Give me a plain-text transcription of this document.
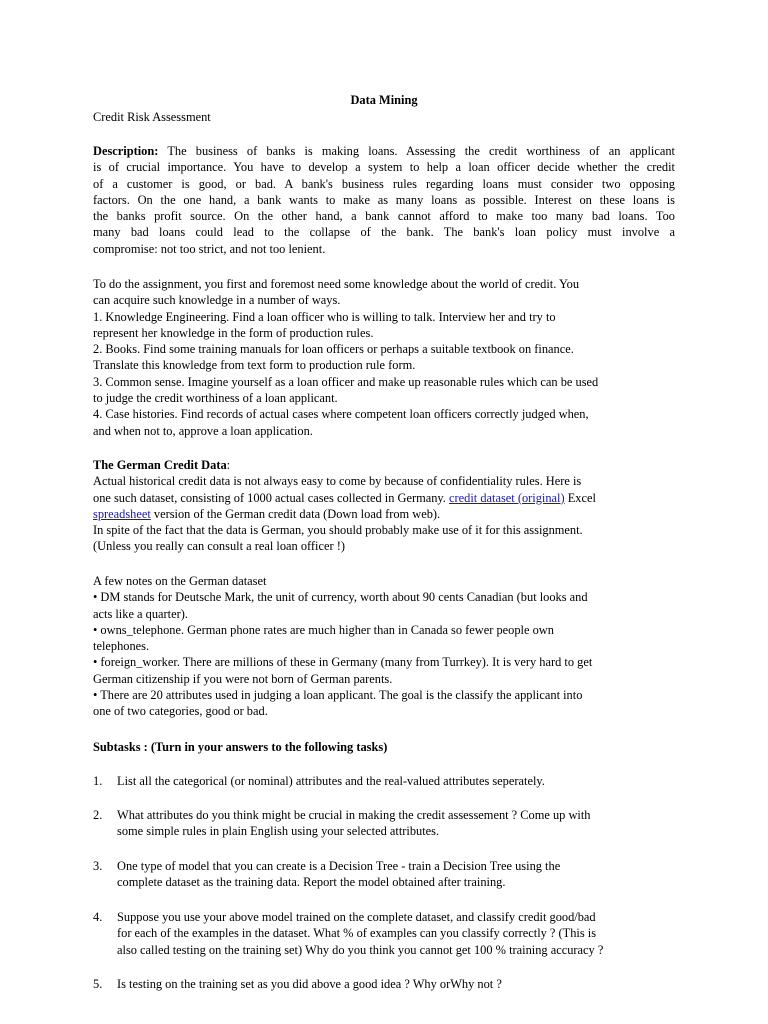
Data Mining
Credit Risk Assessment
Description: The business of banks is making loans. Assessing the credit worthiness of an applicant
is of crucial importance. You have to develop a system to help a loan officer decide whether the credit
of a customer is good, or bad. A bank's business rules regarding loans must consider two opposing
factors. On the one hand, a bank wants to make as many loans as possible. Interest on these loans is
the banks profit source. On the other hand, a bank cannot afford to make too many bad loans. Too
many bad loans could lead to the collapse of the bank. The bank's loan policy must involve a
compromise: not too strict, and not too lenient.
To do the assignment, you first and foremost need some knowledge about the world of credit. You
can acquire such knowledge in a number of ways.
1. Knowledge Engineering. Find a loan officer who is willing to talk. Interview her and try to
represent her knowledge in the form of production rules.
2. Books. Find some training manuals for loan officers or perhaps a suitable textbook on finance.
Translate this knowledge from text form to production rule form.
3. Common sense. Imagine yourself as a loan officer and make up reasonable rules which can be used
to judge the credit worthiness of a loan applicant.
4. Case histories. Find records of actual cases where competent loan officers correctly judged when,
and when not to, approve a loan application.
The German Credit Data:
Actual historical credit data is not always easy to come by because of confidentiality rules. Here is
one such dataset, consisting of 1000 actual cases collected in Germany. credit dataset (original) Excel
spreadsheet version of the German credit data (Down load from web).
In spite of the fact that the data is German, you should probably make use of it for this assignment.
(Unless you really can consult a real loan officer !)
A few notes on the German dataset
• DM stands for Deutsche Mark, the unit of currency, worth about 90 cents Canadian (but looks and
acts like a quarter).
• owns_telephone. German phone rates are much higher than in Canada so fewer people own
telephones.
• foreign_worker. There are millions of these in Germany (many from Turrkey). It is very hard to get
German citizenship if you were not born of German parents.
• There are 20 attributes used in judging a loan applicant. The goal is the classify the applicant into
one of two categories, good or bad.
Subtasks : (Turn in your answers to the following tasks)
1. List all the categorical (or nominal) attributes and the real-valued attributes seperately.
2. What attributes do you think might be crucial in making the credit assessement ? Come up with
some simple rules in plain English using your selected attributes.
3. One type of model that you can create is a Decision Tree - train a Decision Tree using the
complete dataset as the training data. Report the model obtained after training.
4. Suppose you use your above model trained on the complete dataset, and classify credit good/bad
for each of the examples in the dataset. What % of examples can you classify correctly ? (This is
also called testing on the training set) Why do you think you cannot get 100 % training accuracy ?
5. Is testing on the training set as you did above a good idea ? Why orWhy not ?
